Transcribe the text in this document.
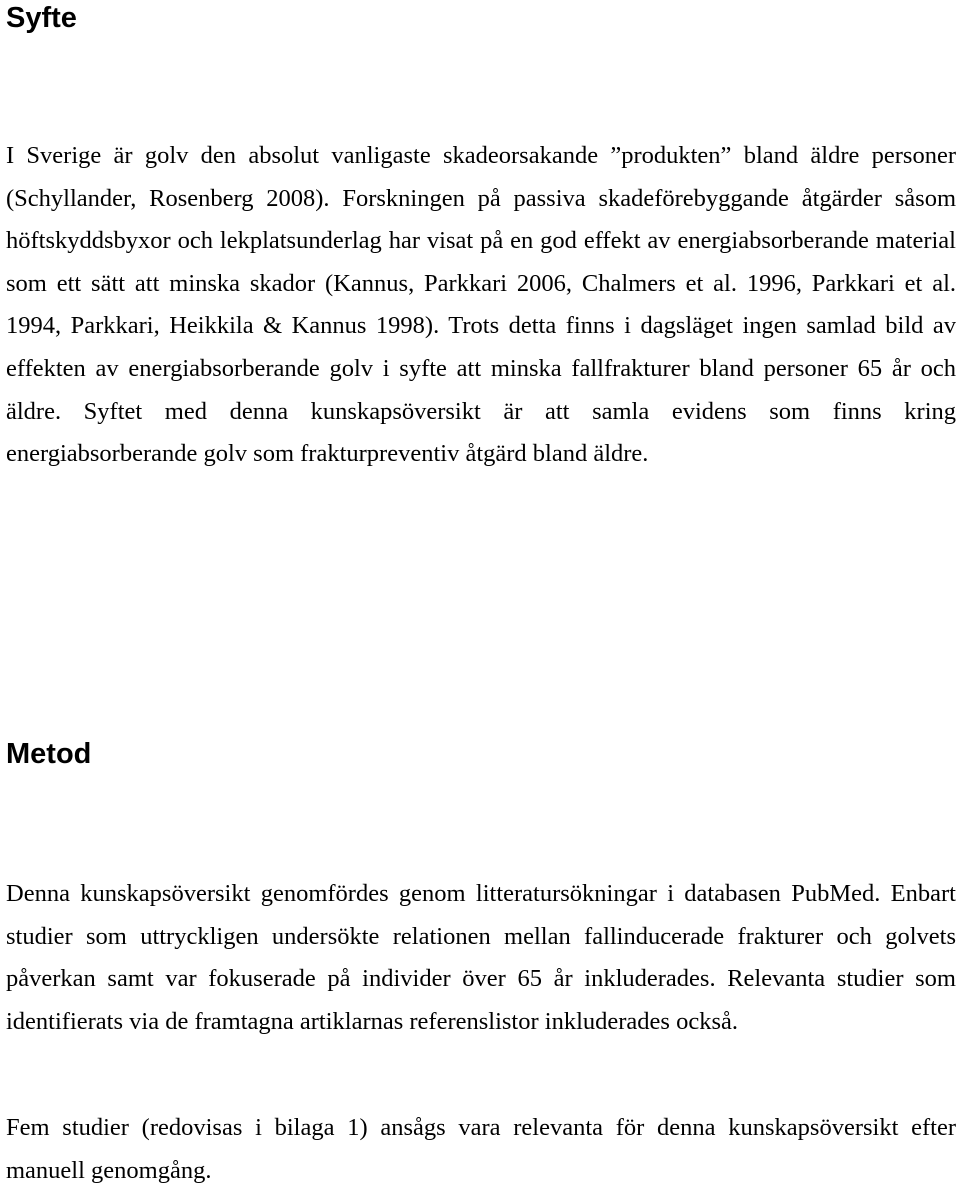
Syfte

I Sverige är golv den absolut vanligaste skadeorsakande ”produkten” bland äldre personer (Schyllander, Rosenberg 2008). Forskningen på passiva skadeförebyggande åtgärder såsom höftskyddsbyxor och lekplatsunderlag har visat på en god effekt av energiabsorberande material som ett sätt att minska skador (Kannus, Parkkari 2006, Chalmers et al. 1996, Parkkari et al. 1994, Parkkari, Heikkila & Kannus 1998). Trots detta finns i dagsläget ingen samlad bild av effekten av energiabsorberande golv i syfte att minska fallfrakturer bland personer 65 år och äldre. Syftet med denna kunskapsöversikt är att samla evidens som finns kring energiabsorberande golv som frakturpreventiv åtgärd bland äldre.

Metod

Denna kunskapsöversikt genomfördes genom litteratursökningar i databasen PubMed. Enbart studier som uttryckligen undersökte relationen mellan fallinducerade frakturer och golvets påverkan samt var fokuserade på individer över 65 år inkluderades. Relevanta studier som identifierats via de framtagna artiklarnas referenslistor inkluderades också.

Fem studier (redovisas i bilaga 1) ansågs vara relevanta för denna kunskapsöversikt efter manuell genomgång.
